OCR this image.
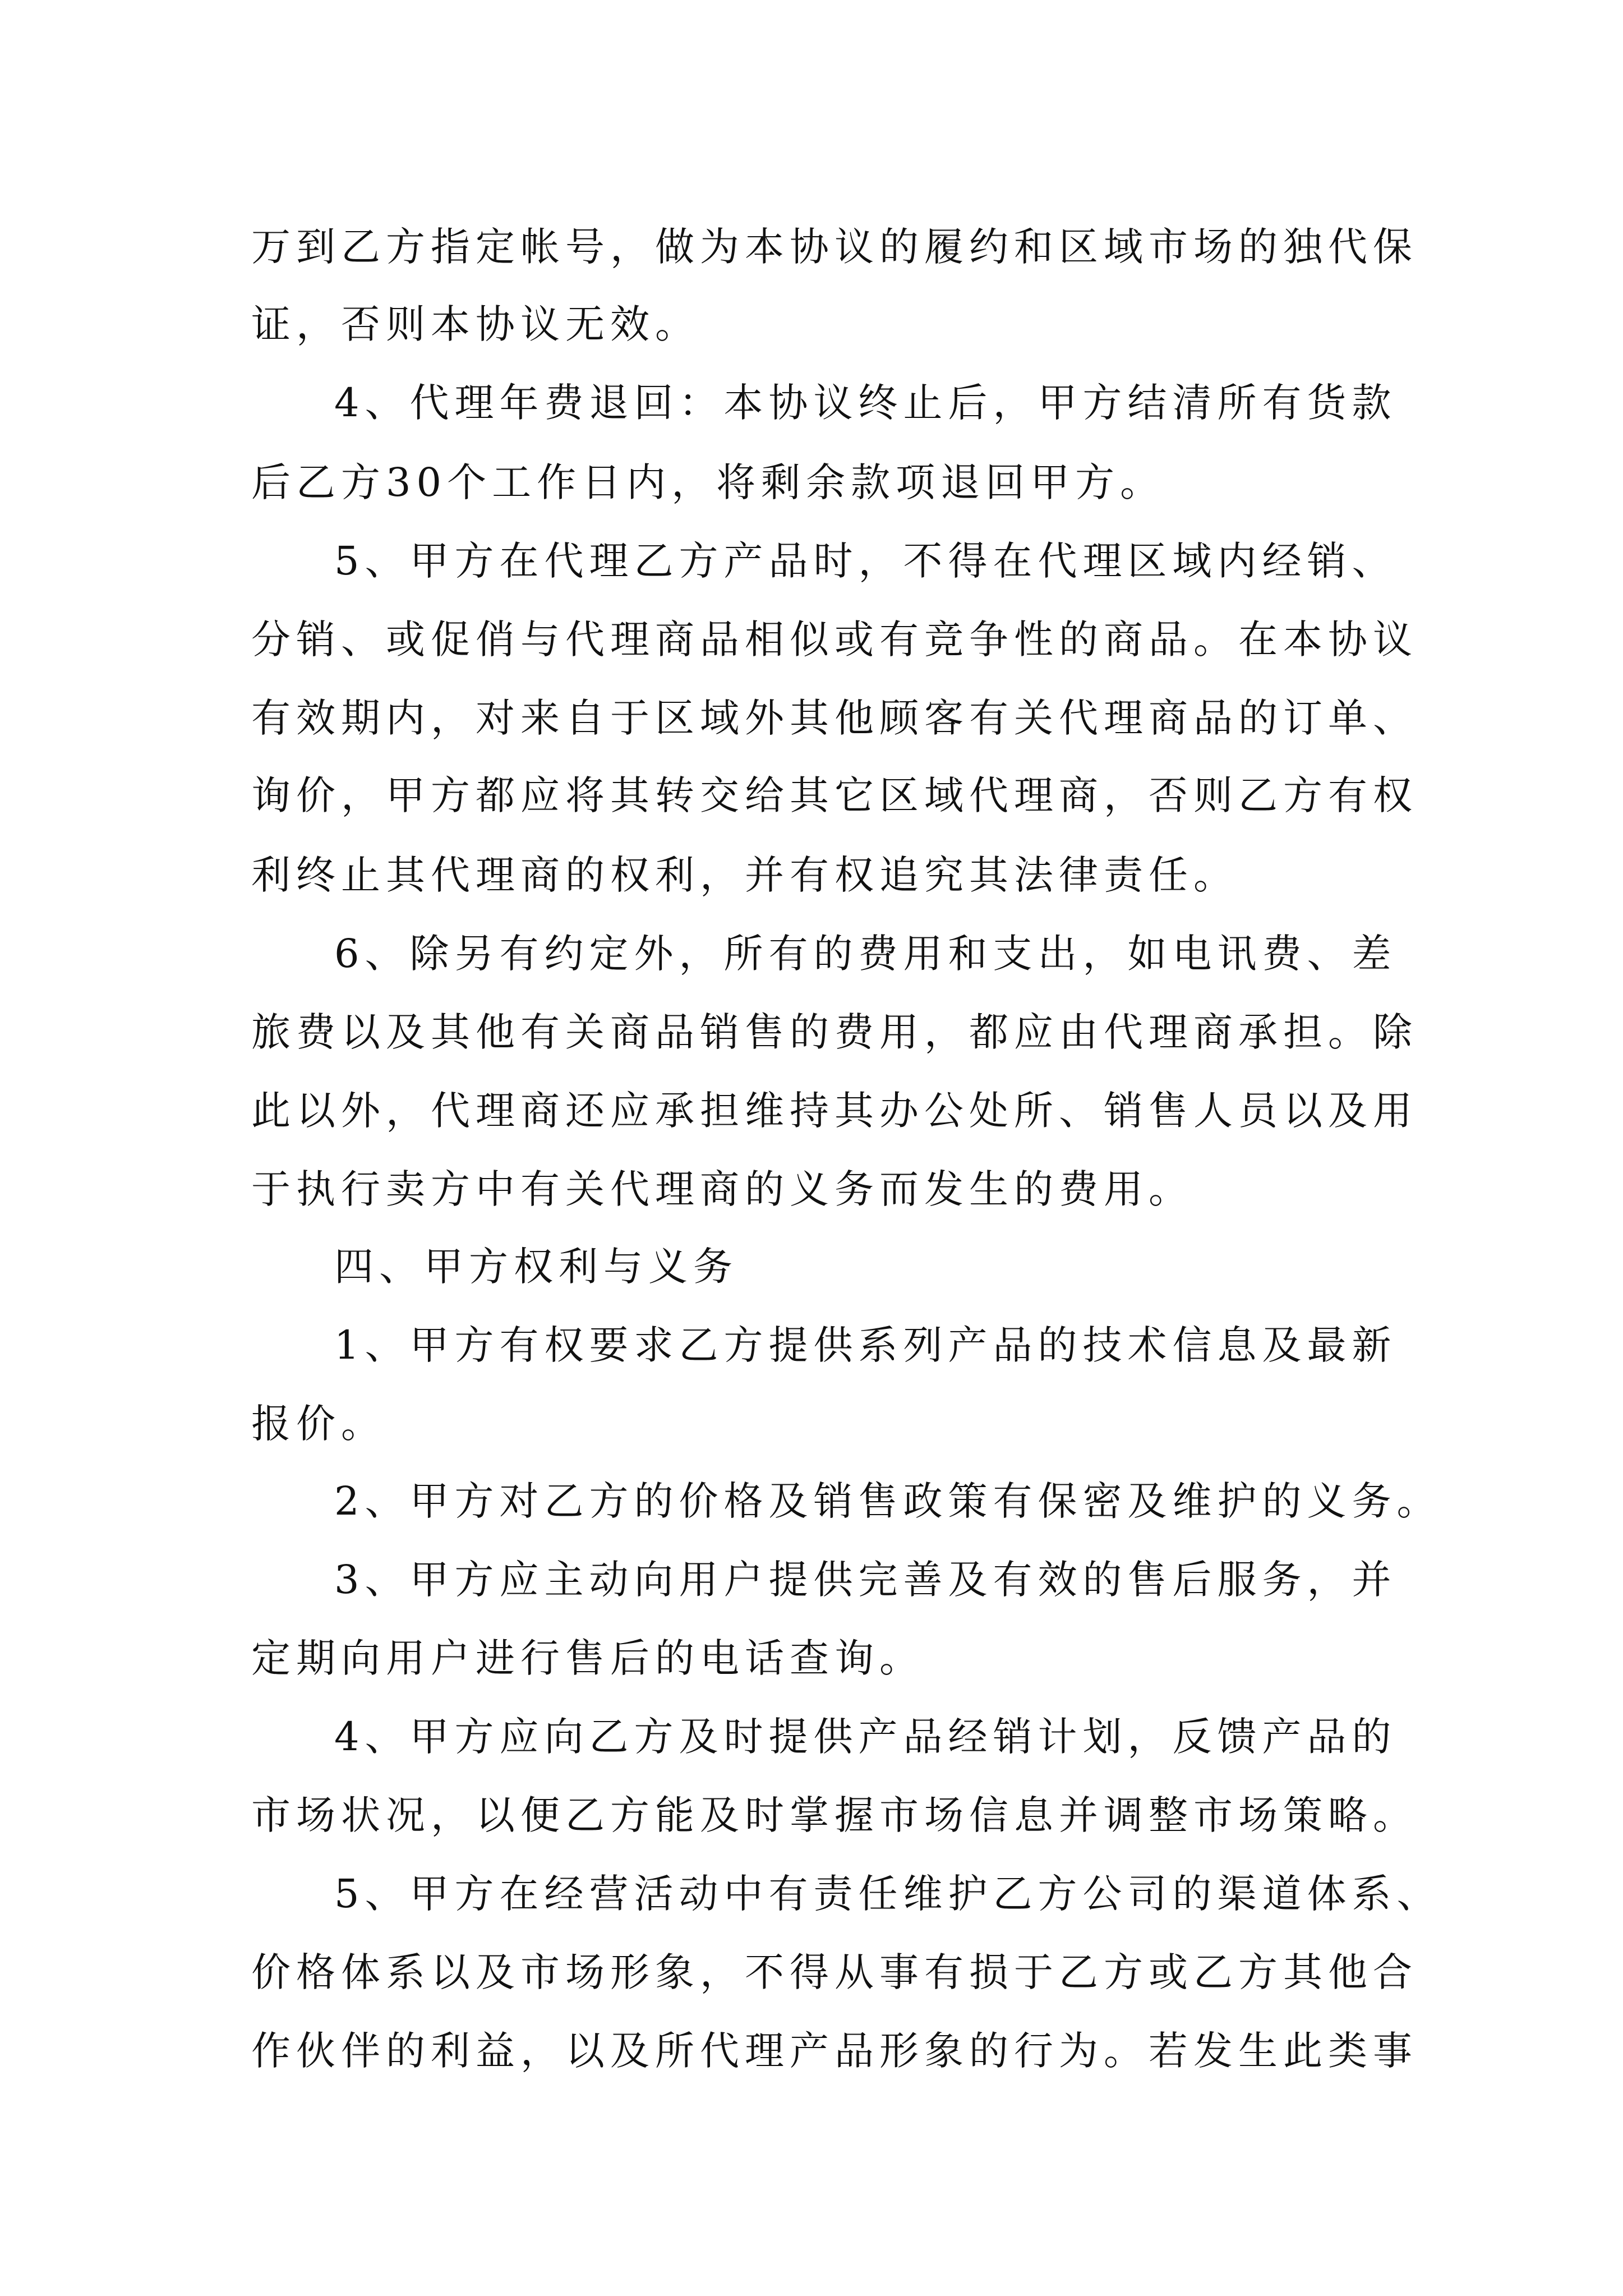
万到乙方指定帐号，做为本协议的履约和区域市场的独代保
证，否则本协议无效。
4、代理年费退回：本协议终止后，甲方结清所有货款
后乙方30个工作日内，将剩余款项退回甲方。
5、甲方在代理乙方产品时，不得在代理区域内经销、
分销、或促俏与代理商品相似或有竞争性的商品。在本协议
有效期内，对来自于区域外其他顾客有关代理商品的订单、
询价，甲方都应将其转交给其它区域代理商，否则乙方有权
利终止其代理商的权利，并有权追究其法律责任。
6、除另有约定外，所有的费用和支出，如电讯费、差
旅费以及其他有关商品销售的费用，都应由代理商承担。除
此以外，代理商还应承担维持其办公处所、销售人员以及用
于执行卖方中有关代理商的义务而发生的费用。
四、甲方权利与义务
1、甲方有权要求乙方提供系列产品的技术信息及最新
报价。
2、甲方对乙方的价格及销售政策有保密及维护的义务。
3、甲方应主动向用户提供完善及有效的售后服务，并
定期向用户进行售后的电话查询。
4、甲方应向乙方及时提供产品经销计划，反馈产品的
市场状况，以便乙方能及时掌握市场信息并调整市场策略。
5、甲方在经营活动中有责任维护乙方公司的渠道体系、
价格体系以及市场形象，不得从事有损于乙方或乙方其他合
作伙伴的利益，以及所代理产品形象的行为。若发生此类事
